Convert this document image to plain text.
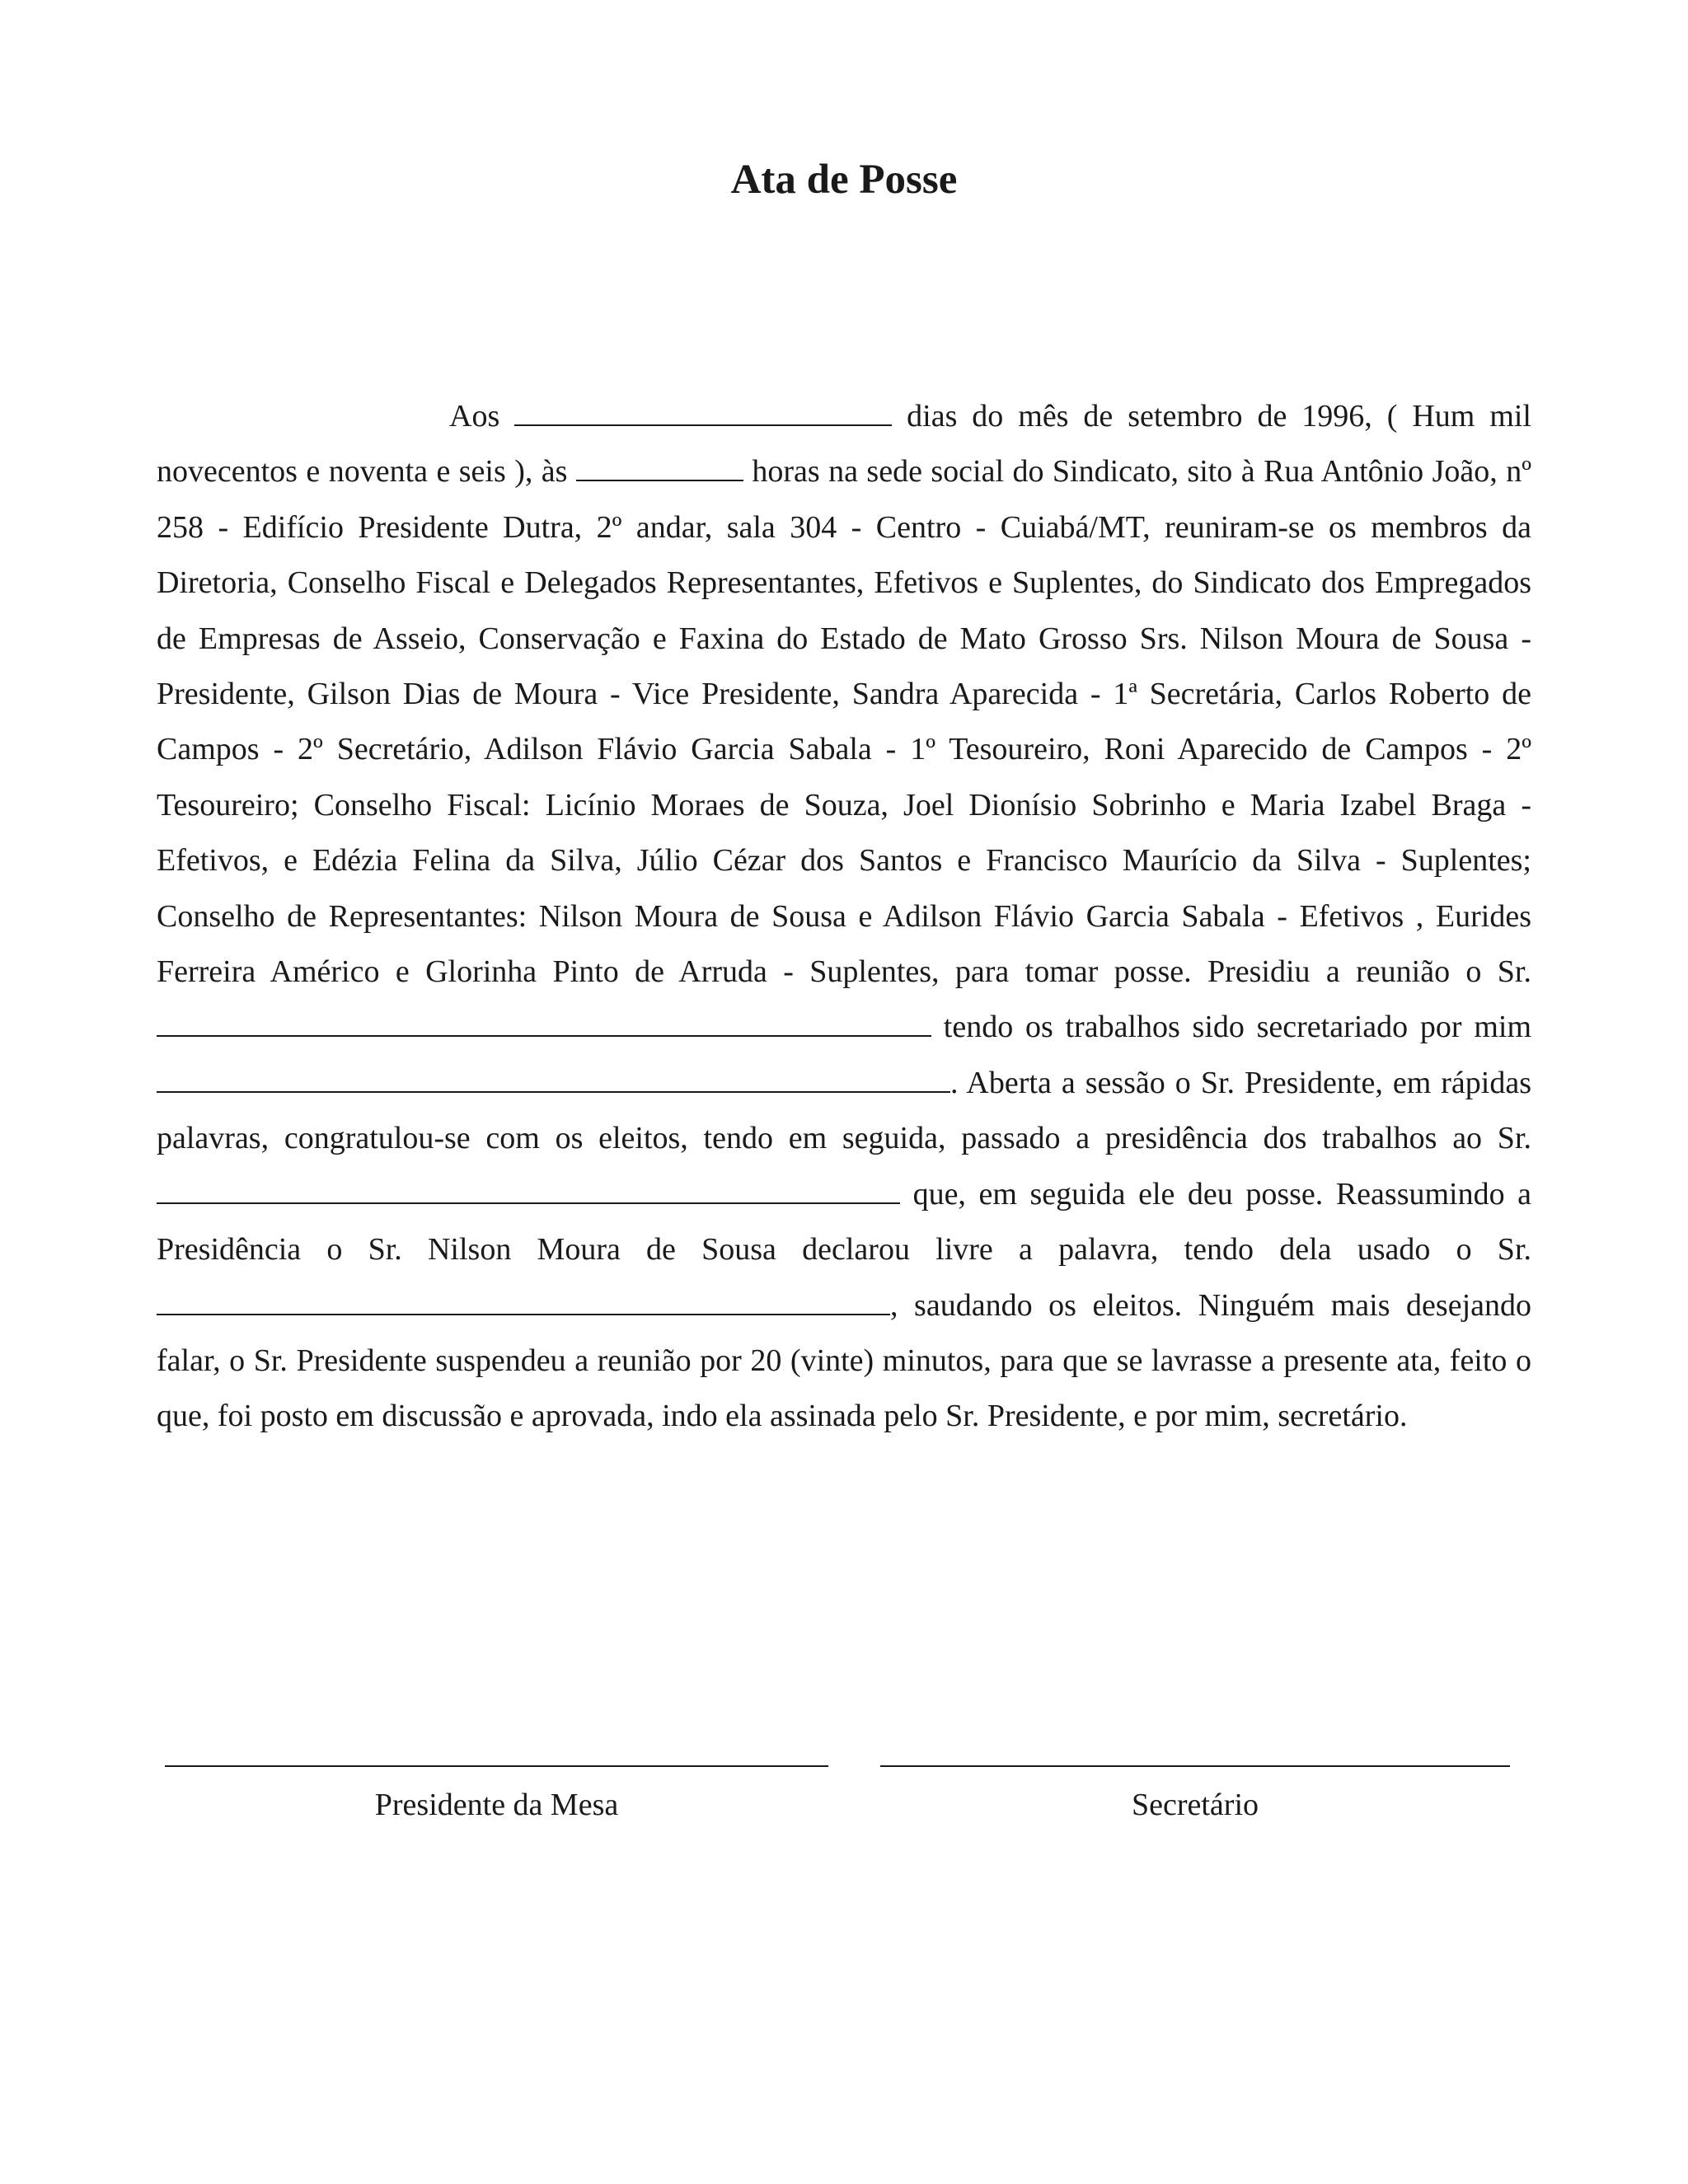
Ata de Posse
Aos	dias do mês de setembro de 1996, ( Hum mil novecentos e noventa e seis ), às	horas na sede social do Sindicato, sito à Rua Antônio João, nº 258 - Edifício Presidente Dutra, 2º andar, sala 304 - Centro - Cuiabá/MT, reuniram-se os membros da Diretoria, Conselho Fiscal e Delegados Representantes, Efetivos e Suplentes, do Sindicato dos Empregados de Empresas de Asseio, Conservação e Faxina do Estado de Mato Grosso Srs. Nilson Moura de Sousa - Presidente, Gilson Dias de Moura - Vice Presidente, Sandra Aparecida - 1ª Secretária, Carlos Roberto de Campos - 2º Secretário, Adilson Flávio Garcia Sabala - 1º Tesoureiro, Roni Aparecido de Campos - 2º Tesoureiro; Conselho Fiscal: Licínio Moraes de Souza, Joel Dionísio Sobrinho e Maria Izabel Braga - Efetivos, e Edézia Felina da Silva, Júlio Cézar dos Santos e Francisco Maurício da Silva - Suplentes; Conselho de Representantes: Nilson Moura de Sousa e Adilson Flávio Garcia Sabala - Efetivos , Eurides Ferreira Américo e Glorinha Pinto de Arruda - Suplentes, para tomar posse. Presidiu a reunião o Sr.  tendo os trabalhos sido secretariado por mim . Aberta a sessão o Sr. Presidente, em rápidas palavras, congratulou-se com os eleitos, tendo em seguida, passado a presidência dos trabalhos ao Sr.  que, em seguida ele deu posse. Reassumindo a Presidência o Sr. Nilson Moura de Sousa declarou livre a palavra, tendo dela usado o Sr. , saudando os eleitos. Ninguém mais desejando falar, o Sr. Presidente suspendeu a reunião por 20 (vinte) minutos, para que se lavrasse a presente ata, feito o que, foi posto em discussão e aprovada, indo ela assinada pelo Sr. Presidente, e por mim, secretário.
Presidente da Mesa	Secretário
